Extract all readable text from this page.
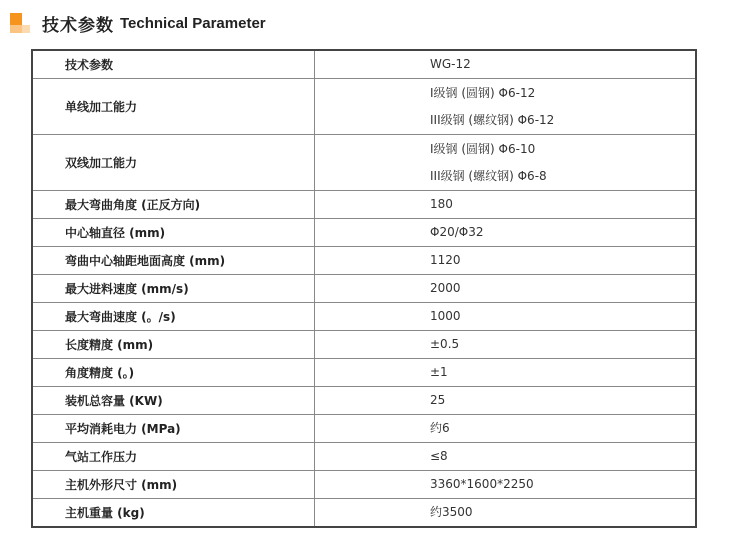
技术参数 Technical Parameter
技术参数	WG-12

单线加工能力	Ⅰ级钢 (圆钢) Φ6-12
III级钢 (螺纹钢) Φ6-12

双线加工能力	Ⅰ级钢 (圆钢) Φ6-10
III级钢 (螺纹钢) Φ6-8

最大弯曲角度 (正反方向)	180

中心轴直径 (mm)	Φ20/Φ32

弯曲中心轴距地面高度 (mm)	1120

最大进料速度 (mm/s)	2000

最大弯曲速度 (。/s)	1000

长度精度 (mm)	±0.5

角度精度 (。)	±1

装机总容量 (KW)	25

平均消耗电力 (MPa)	约6

气站工作压力	≤8

主机外形尺寸 (mm)	3360*1600*2250

主机重量 (kg)	约3500
